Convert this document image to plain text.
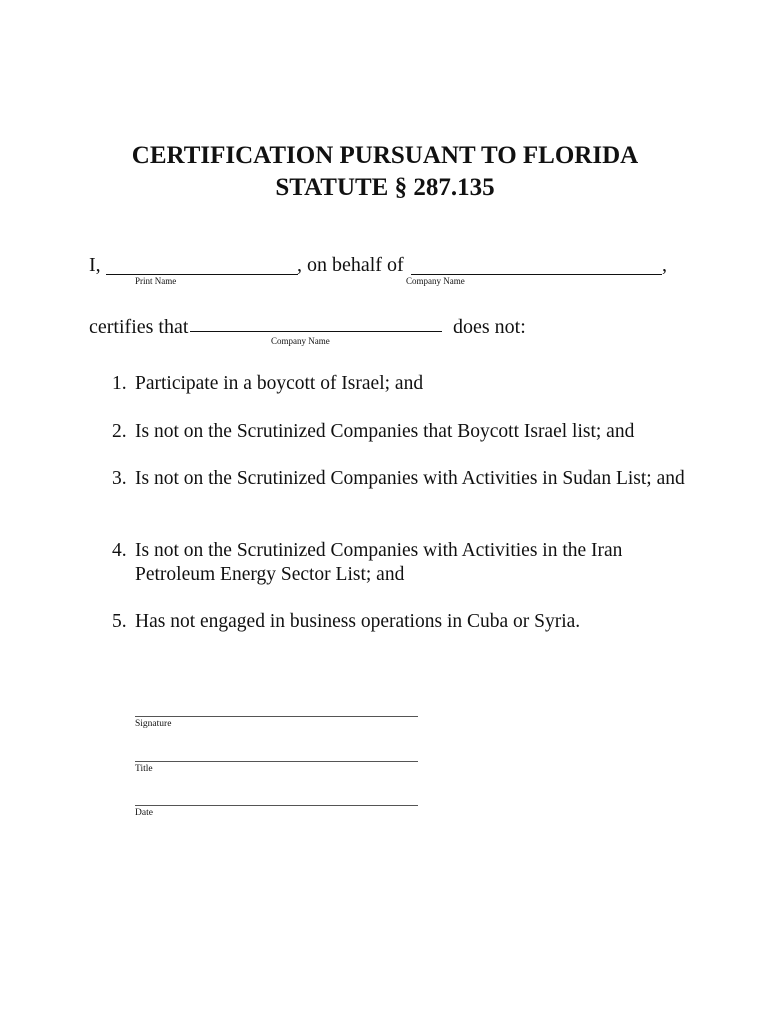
CERTIFICATION PURSUANT TO FLORIDA
STATUTE § 287.135
I,	, on behalf of	,
Print Name	Company Name
certifies that	does not:
Company Name
1. Participate in a boycott of Israel; and
2. Is not on the Scrutinized Companies that Boycott Israel list; and
3. Is not on the Scrutinized Companies with Activities in Sudan List; and
4. Is not on the Scrutinized Companies with Activities in the Iran Petroleum Energy Sector List; and
5. Has not engaged in business operations in Cuba or Syria.
Signature
Title
Date
